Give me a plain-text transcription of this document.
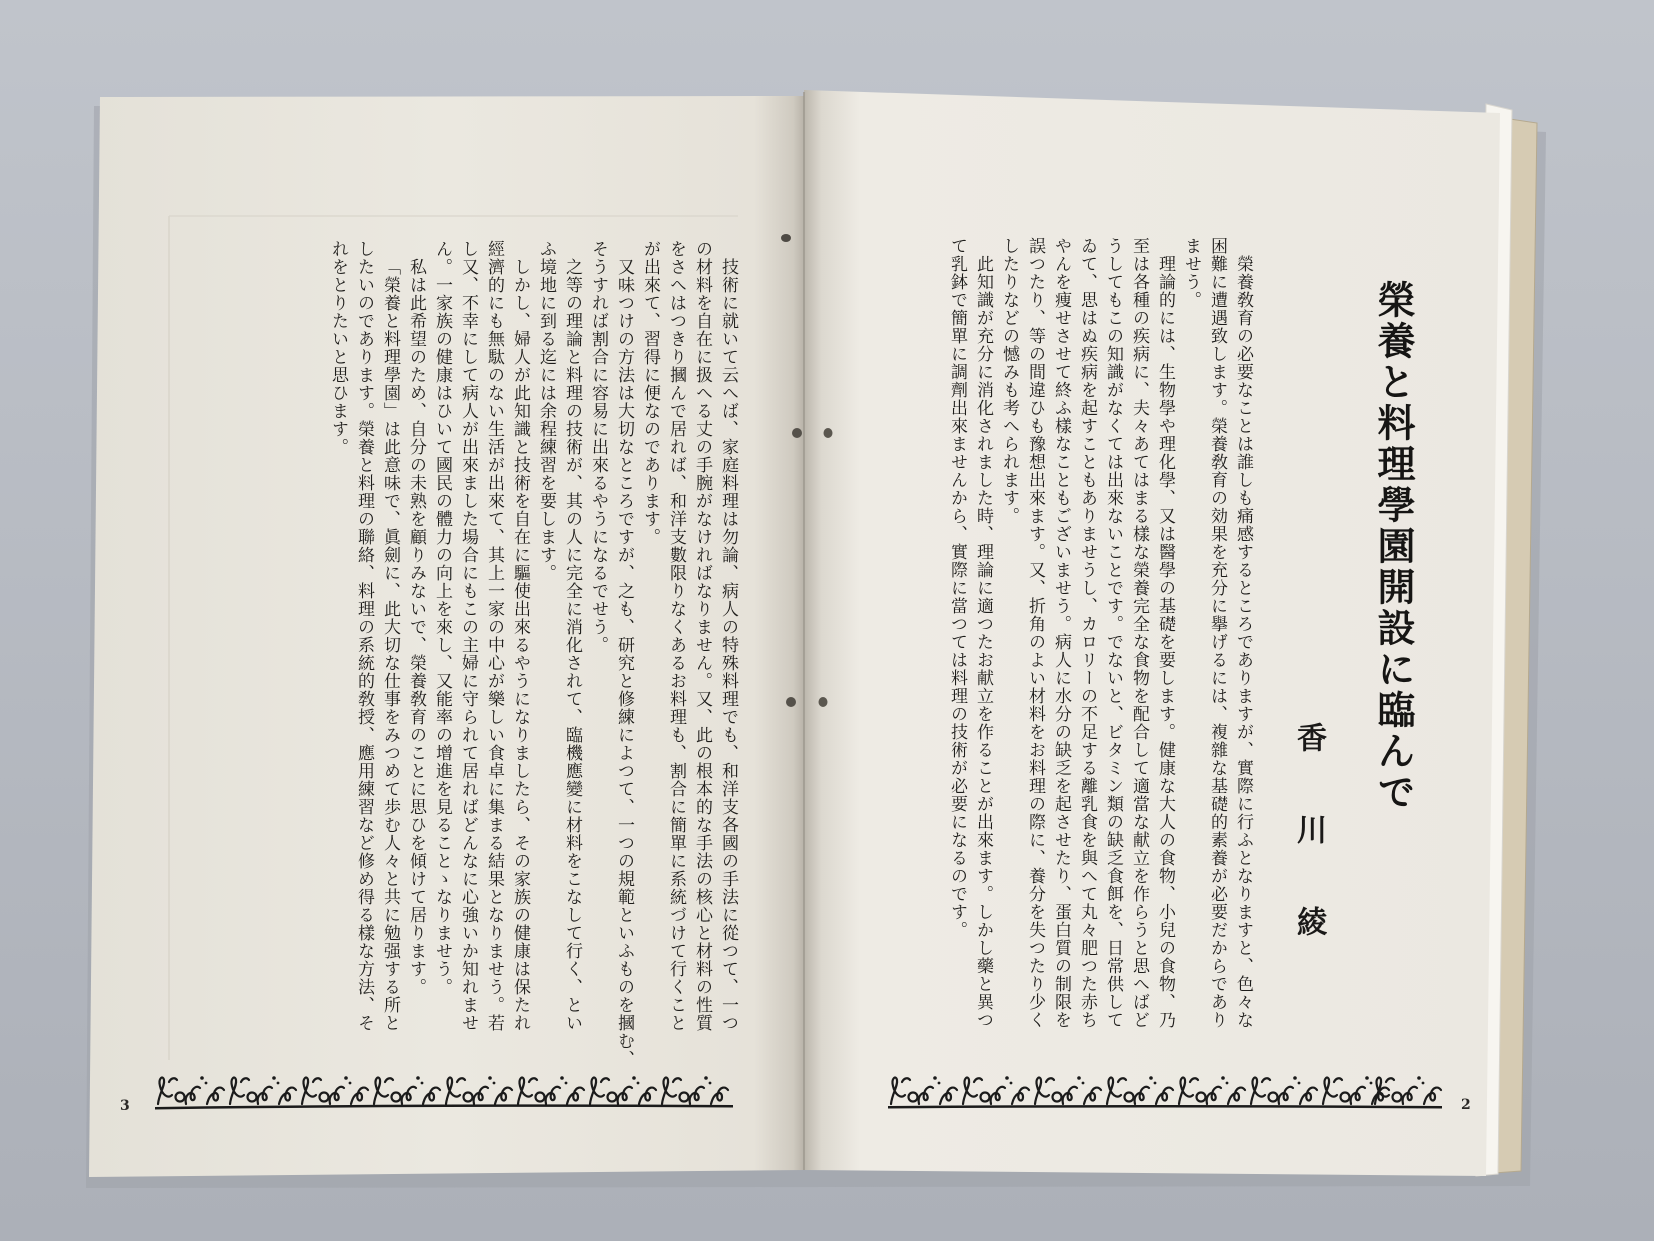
技術に就いて云へば、家庭料理は勿論、病人の特殊料理でも、和洋支各國の手法に從つて、一つ
の材料を自在に扱へる丈の手腕がなければなりません。又、此の根本的な手法の核心と材料の性質
をさへはつきり摑んで居れば、和洋支數限りなくあるお料理も、割合に簡單に系統づけて行くこと
が出來て、習得に便なのであります。
又味つけの方法は大切なところですが、之も、研究と修練によつて、一つの規範といふものを摑む、
そうすれば割合に容易に出來るやうになるでせう。
之等の理論と料理の技術が、其の人に完全に消化されて、臨機應變に材料をこなして行く、とい
ふ境地に到る迄には余程練習を要します。
しかし、婦人が此知識と技術を自在に驅使出來るやうになりましたら、その家族の健康は保たれ
經濟的にも無駄のない生活が出來て、其上一家の中心が樂しい食卓に集まる結果となりませう。若
し又、不幸にして病人が出來ました場合にもこの主婦に守られて居ればどんなに心強いか知れませ
ん。一家族の健康はひいて國民の體力の向上を來し、又能率の增進を見ることゝなりませう。
私は此希望のため、自分の未熟を顧りみないで、榮養敎育のことに思ひを傾けて居ります。
「榮養と料理學園」は此意味で、眞劍に、此大切な仕事をみつめて歩む人々と共に勉强する所と
したいのであります。榮養と料理の聯絡、料理の系統的敎授、應用練習など修め得る樣な方法、そ
れをとりたいと思ひます。	榮養敎育の必要なことは誰しも痛感するところでありますが、實際に行ふとなりますと、色々な
困難に遭遇致します。榮養敎育の効果を充分に擧げるには、複雜な基礎的素養が必要だからであり
ませう。
理論的には、生物學や理化學、又は醫學の基礎を要します。健康な大人の食物、小兒の食物、乃
至は各種の疾病に、夫々あてはまる樣な榮養完全な食物を配合して適當な献立を作らうと思へばど
うしてもこの知識がなくては出來ないことです。でないと、ビタミン類の缺乏食餌を、日常供して
ゐて、思はぬ疾病を起すこともありませうし、カロリーの不足する離乳食を與へて丸々肥つた赤ち
やんを痩せさせて終ふ樣なこともございませう。病人に水分の缺乏を起させたり、蛋白質の制限を
誤つたり、等の間違ひも豫想出來ます。又、折角のよい材料をお料理の際に、養分を失つたり少く
したりなどの憾みも考へられます。
此知識が充分に消化されました時、理論に適つたお献立を作ることが出來ます。しかし藥と異つ
て乳鉢で簡單に調劑出來ませんから、實際に當つては料理の技術が必要になるのです。	榮養と料理學園開設に臨んで
香川綾
3	2
